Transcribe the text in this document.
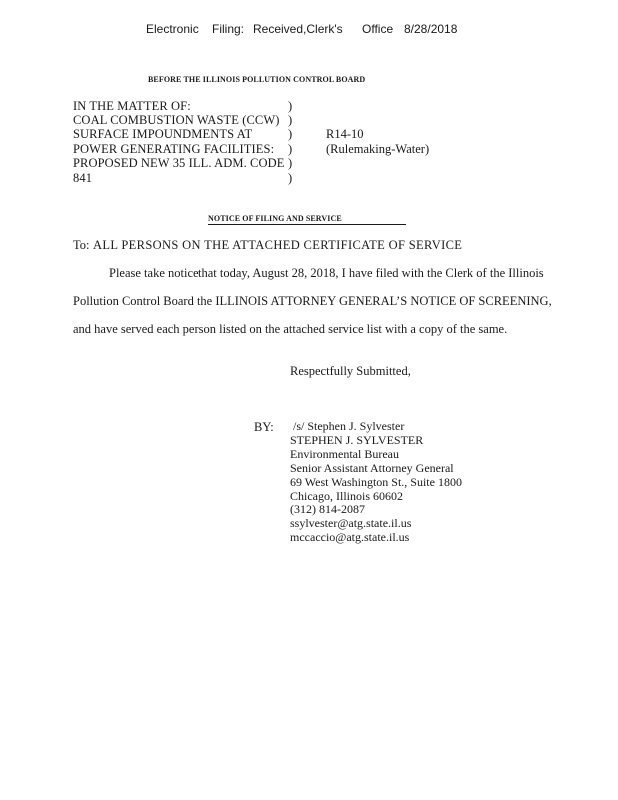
Electronic Filing: Received,Clerk's Office 8/28/2018
BEFORE THE ILLINOIS POLLUTION CONTROL BOARD
IN THE MATTER OF:
COAL COMBUSTION WASTE (CCW)
SURFACE IMPOUNDMENTS AT
POWER GENERATING FACILITIES:
PROPOSED NEW 35 ILL. ADM. CODE
841
)
)
)
)
)
)
R14-10
(Rulemaking-Water)
NOTICE OF FILING AND SERVICE
To: ALL PERSONS ON THE ATTACHED CERTIFICATE OF SERVICE
Please take notice that today, August 28, 2018, I have filed with the Clerk of the Illinois
Pollution Control Board the ILLINOIS ATTORNEY GENERAL’S NOTICE OF SCREENING,
and have served each person listed on the attached service list with a copy of the same.
Respectfully Submitted,
BY: /s/ Stephen J. Sylvester
STEPHEN J. SYLVESTER
Environmental Bureau
Senior Assistant Attorney General
69 West Washington St., Suite 1800
Chicago, Illinois 60602
(312) 814-2087
ssylvester@atg.state.il.us
mccaccio@atg.state.il.us
